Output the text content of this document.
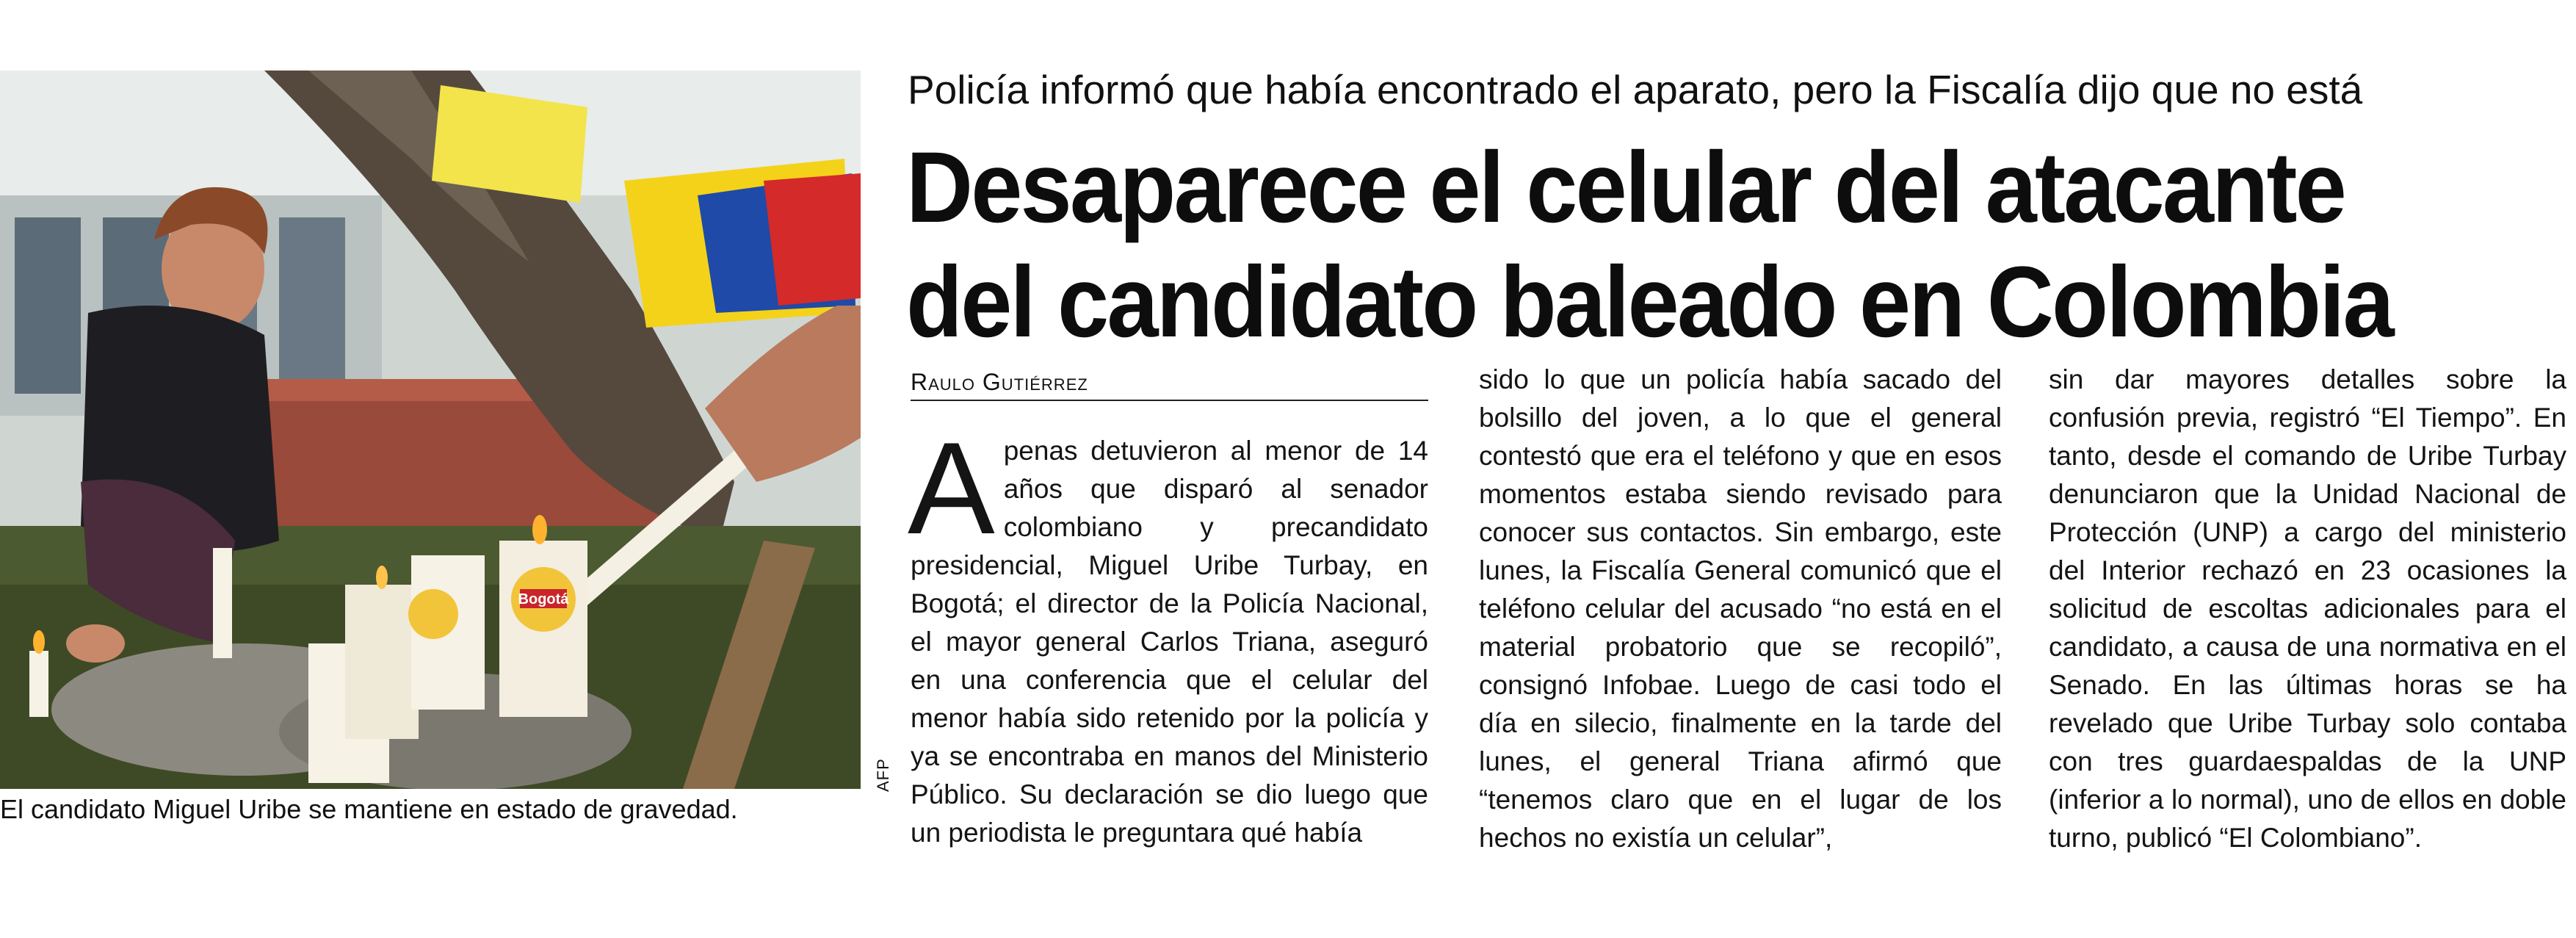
Bogotá
AFP
El candidato Miguel Uribe se mantiene en estado de gravedad.
Policía informó que había encontrado el aparato, pero la Fiscalía dijo que no está
Desaparece el celular del atacante del candidato baleado en Colombia
Raulo Gutiérrez
Apenas detuvieron al menor de 14 años que disparó al senador colombiano y precandidato presidencial, Miguel Uribe Turbay, en Bogotá; el director de la Policía Nacional, el mayor general Carlos Triana, aseguró en una conferencia que el celular del menor había sido retenido por la policía y ya se encontraba en manos del Ministerio Público. Su declaración se dio luego que un periodista le preguntara qué había
sido lo que un policía había sacado del bolsillo del joven, a lo que el general contestó que era el teléfono y que en esos momentos estaba siendo revisado para conocer sus contactos. Sin embargo, este lunes, la Fiscalía General comunicó que el teléfono celular del acusado “no está en el material probatorio que se recopiló”, consignó Infobae. Luego de casi todo el día en silecio, finalmente en la tarde del lunes, el general Triana afirmó que “tenemos claro que en el lugar de los hechos no existía un celular”,
sin dar mayores detalles sobre la confusión previa, registró “El Tiempo”. En tanto, desde el comando de Uribe Turbay denunciaron que la Unidad Nacional de Protección (UNP) a cargo del ministerio del Interior rechazó en 23 ocasiones la solicitud de escoltas adicionales para el candidato, a causa de una normativa en el Senado. En las últimas horas se ha revelado que Uribe Turbay solo contaba con tres guardaespaldas de la UNP (inferior a lo normal), uno de ellos en doble turno, publicó “El Colombiano”.
